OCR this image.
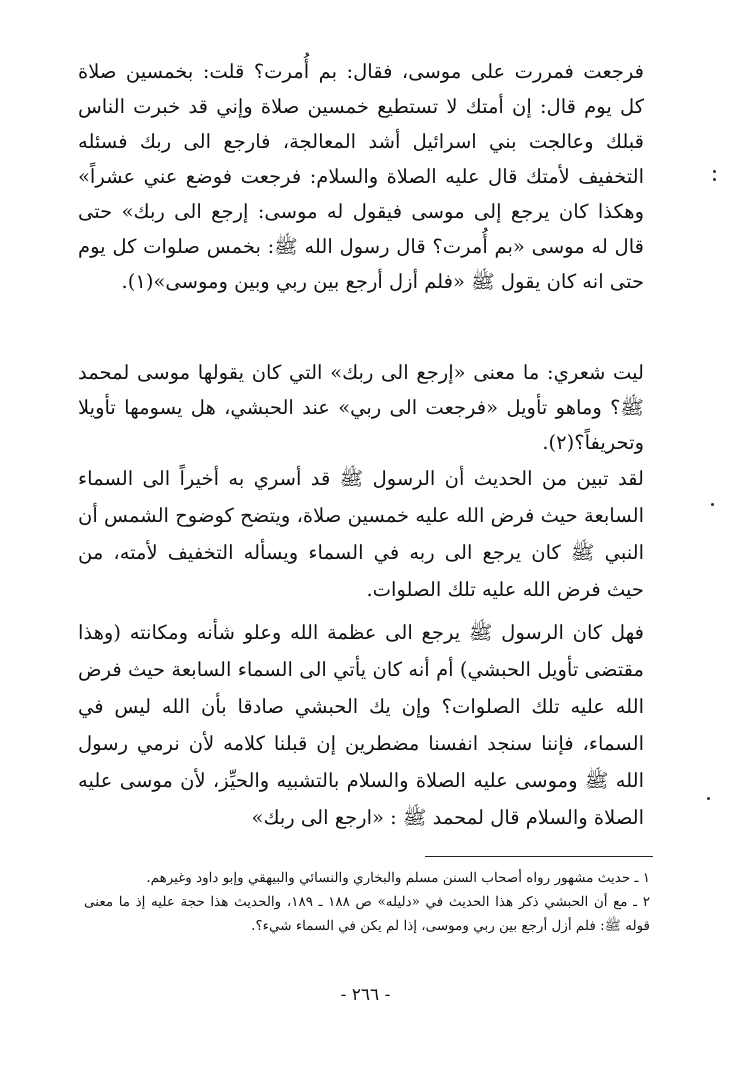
فرجعت فمررت على موسى، فقال: بم أُمرت؟ قلت: بخمسين صلاة كل يوم قال: إن أمتك لا تستطيع خمسين صلاة وإني قد خبرت الناس قبلك وعالجت بني اسرائيل أشد المعالجة، فارجع الى ربك فسئله التخفيف لأمتك قال عليه الصلاة والسلام: فرجعت فوضع عني عشراً» وهكذا كان يرجع إلى موسى فيقول له موسى: إرجع الى ربك» حتى قال له موسى «بم أُمرت؟ قال رسول الله ﷺ: بخمس صلوات كل يوم حتى انه كان يقول ﷺ «فلم أزل أرجع بين ربي وبين وموسى»(١).

ليت شعري: ما معنى «إرجع الى ربك» التي كان يقولها موسى لمحمد ﷺ؟ وماهو تأويل «فرجعت الى ربي» عند الحبشي، هل يسومها تأويلا وتحريفاً؟(٢).

لقد تبين من الحديث أن الرسول ﷺ قد أسري به أخيراً الى السماء السابعة حيث فرض الله عليه خمسين صلاة، ويتضح كوضوح الشمس أن النبي ﷺ كان يرجع الى ربه في السماء ويسأله التخفيف لأمته، من حيث فرض الله عليه تلك الصلوات.

فهل كان الرسول ﷺ يرجع الى عظمة الله وعلو شأنه ومكانته (وهذا مقتضى تأويل الحبشي) أم أنه كان يأتي الى السماء السابعة حيث فرض الله عليه تلك الصلوات؟ وإن يك الحبشي صادقا بأن الله ليس في السماء، فإننا سنجد انفسنا مضطرين إن قبلنا كلامه لأن نرمي رسول الله ﷺ وموسى عليه الصلاة والسلام بالتشبيه والحيِّز، لأن موسى عليه الصلاة والسلام قال لمحمد ﷺ : «ارجع الى ربك»

١ ـ حديث مشهور رواه أصحاب السنن مسلم والبخاري والنسائي والبيهقي وإبو داود وغيرهم.

٢ ـ مع أن الحبشي ذكر هذا الحديث في «دليله» ص ١٨٨ ـ ١٨٩، والحديث هذا حجة عليه إذ ما معنى قوله ﷺ: فلم أزل أرجع بين ربي وموسى، إذا لم يكن في السماء شيء؟.

- ٢٦٦ -
